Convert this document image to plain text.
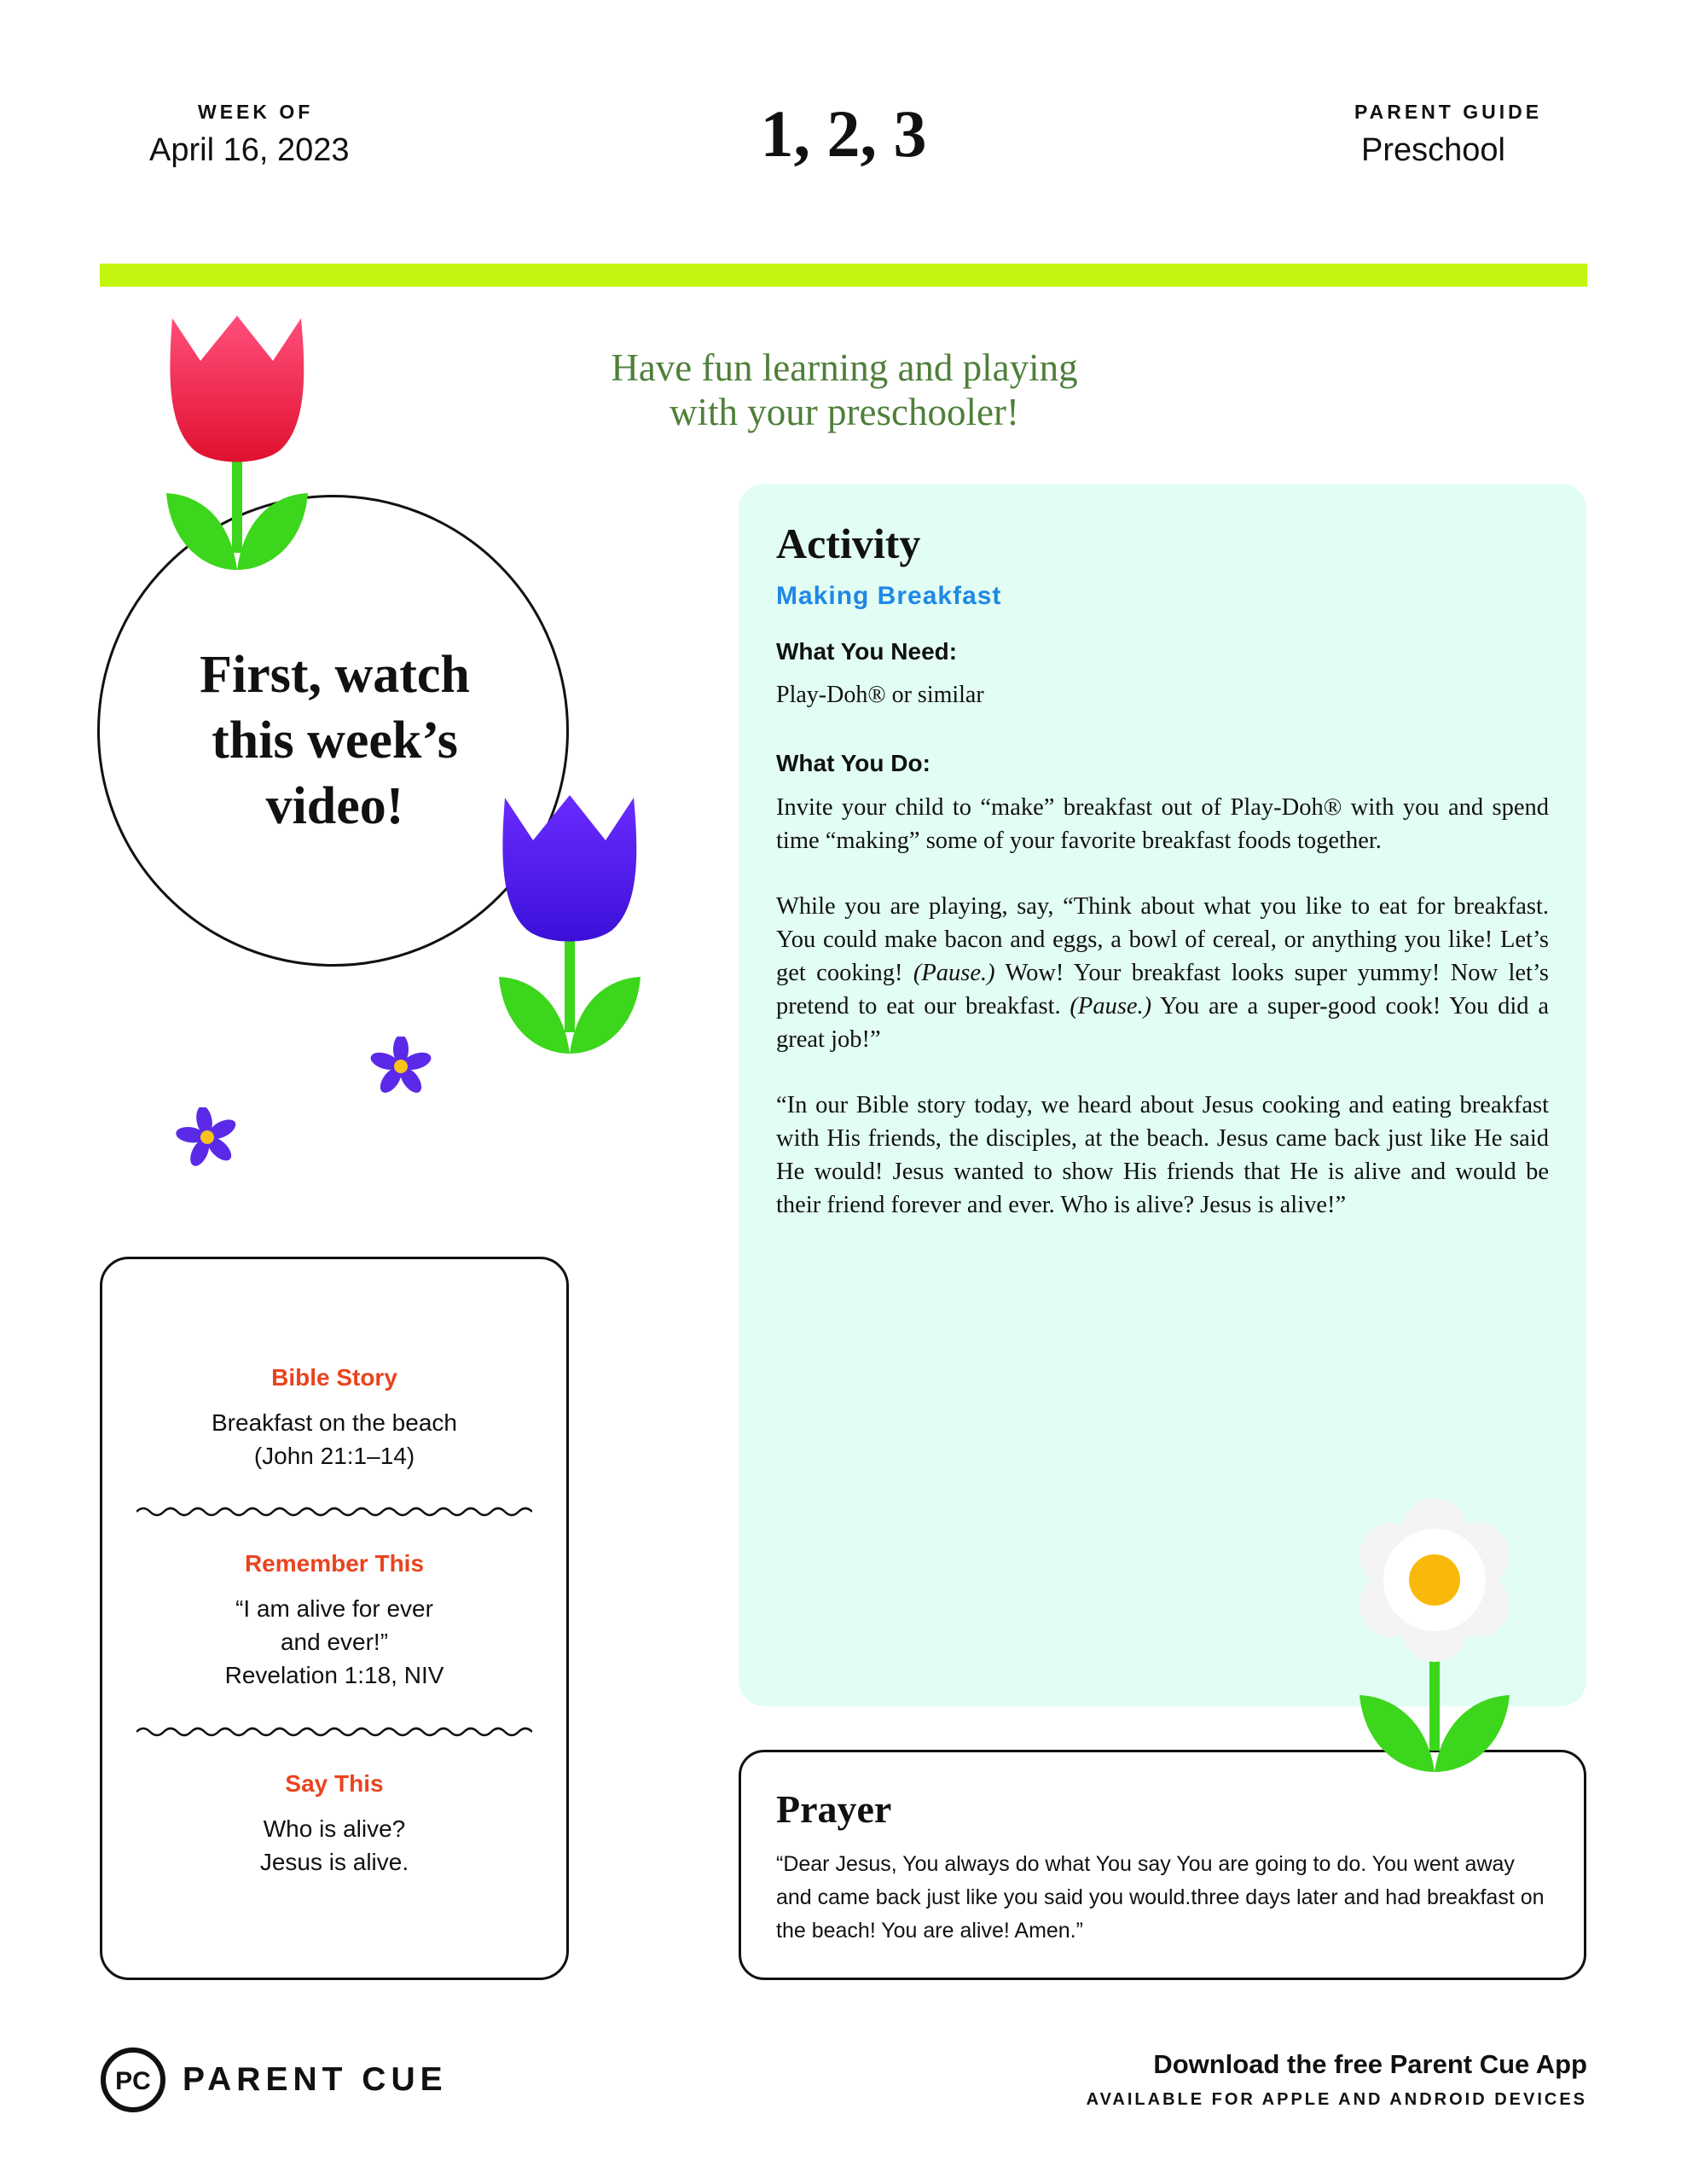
WEEK OF
April 16, 2023	1, 2, 3	PARENT GUIDE
Preschool
Have fun learning and playing
with your preschooler!
First, watch
this week’s
video!
Activity
Making Breakfast
What You Need:
Play-Doh® or similar
What You Do:
Invite your child to “make” breakfast out of Play-Doh® with you and spend time “making” some of your favorite breakfast foods together.
While you are playing, say, “Think about what you like to eat for breakfast. You could make bacon and eggs, a bowl of cereal, or anything you like! Let’s get cooking! (Pause.) Wow! Your breakfast looks super yummy! Now let’s pretend to eat our breakfast. (Pause.) You are a super-good cook! You did a great job!”
“In our Bible story today, we heard about Jesus cooking and eating breakfast with His friends, the disciples, at the beach. Jesus came back just like He said He would! Jesus wanted to show His friends that He is alive and would be their friend forever and ever. Who is alive? Jesus is alive!”
Bible Story
Breakfast on the beach
(John 21:1–14)
Remember This
“I am alive for ever
and ever!”
Revelation 1:18, NIV
Say This
Who is alive?
Jesus is alive.
Prayer
“Dear Jesus, You always do what You say You are going to do. You went away and came back just like you said you would.three days later and had breakfast on the beach! You are alive! Amen.”
PC PARENT CUE	Download the free Parent Cue App
AVAILABLE FOR APPLE AND ANDROID DEVICES
